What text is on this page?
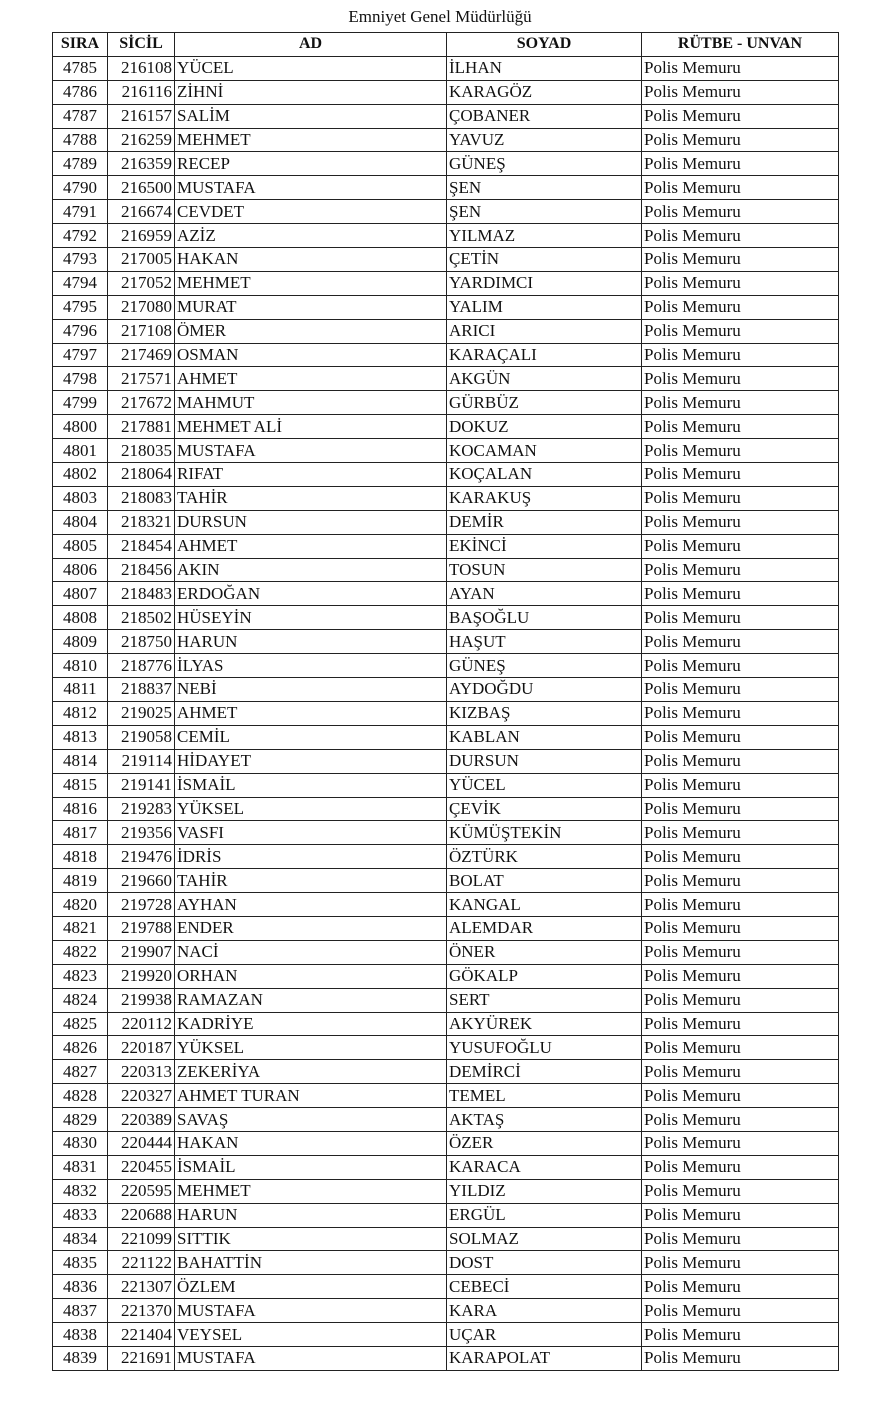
Emniyet Genel Müdürlüğü
SIRA	SİCİL	AD	SOYAD	RÜTBE - UNVAN
4785	216108	YÜCEL	İLHAN	Polis Memuru
4786	216116	ZİHNİ	KARAGÖZ	Polis Memuru
4787	216157	SALİM	ÇOBANER	Polis Memuru
4788	216259	MEHMET	YAVUZ	Polis Memuru
4789	216359	RECEP	GÜNEŞ	Polis Memuru
4790	216500	MUSTAFA	ŞEN	Polis Memuru
4791	216674	CEVDET	ŞEN	Polis Memuru
4792	216959	AZİZ	YILMAZ	Polis Memuru
4793	217005	HAKAN	ÇETİN	Polis Memuru
4794	217052	MEHMET	YARDIMCI	Polis Memuru
4795	217080	MURAT	YALIM	Polis Memuru
4796	217108	ÖMER	ARICI	Polis Memuru
4797	217469	OSMAN	KARAÇALI	Polis Memuru
4798	217571	AHMET	AKGÜN	Polis Memuru
4799	217672	MAHMUT	GÜRBÜZ	Polis Memuru
4800	217881	MEHMET ALİ	DOKUZ	Polis Memuru
4801	218035	MUSTAFA	KOCAMAN	Polis Memuru
4802	218064	RIFAT	KOÇALAN	Polis Memuru
4803	218083	TAHİR	KARAKUŞ	Polis Memuru
4804	218321	DURSUN	DEMİR	Polis Memuru
4805	218454	AHMET	EKİNCİ	Polis Memuru
4806	218456	AKIN	TOSUN	Polis Memuru
4807	218483	ERDOĞAN	AYAN	Polis Memuru
4808	218502	HÜSEYİN	BAŞOĞLU	Polis Memuru
4809	218750	HARUN	HAŞUT	Polis Memuru
4810	218776	İLYAS	GÜNEŞ	Polis Memuru
4811	218837	NEBİ	AYDOĞDU	Polis Memuru
4812	219025	AHMET	KIZBAŞ	Polis Memuru
4813	219058	CEMİL	KABLAN	Polis Memuru
4814	219114	HİDAYET	DURSUN	Polis Memuru
4815	219141	İSMAİL	YÜCEL	Polis Memuru
4816	219283	YÜKSEL	ÇEVİK	Polis Memuru
4817	219356	VASFI	KÜMÜŞTEKİN	Polis Memuru
4818	219476	İDRİS	ÖZTÜRK	Polis Memuru
4819	219660	TAHİR	BOLAT	Polis Memuru
4820	219728	AYHAN	KANGAL	Polis Memuru
4821	219788	ENDER	ALEMDAR	Polis Memuru
4822	219907	NACİ	ÖNER	Polis Memuru
4823	219920	ORHAN	GÖKALP	Polis Memuru
4824	219938	RAMAZAN	SERT	Polis Memuru
4825	220112	KADRİYE	AKYÜREK	Polis Memuru
4826	220187	YÜKSEL	YUSUFOĞLU	Polis Memuru
4827	220313	ZEKERİYA	DEMİRCİ	Polis Memuru
4828	220327	AHMET TURAN	TEMEL	Polis Memuru
4829	220389	SAVAŞ	AKTAŞ	Polis Memuru
4830	220444	HAKAN	ÖZER	Polis Memuru
4831	220455	İSMAİL	KARACA	Polis Memuru
4832	220595	MEHMET	YILDIZ	Polis Memuru
4833	220688	HARUN	ERGÜL	Polis Memuru
4834	221099	SITTIK	SOLMAZ	Polis Memuru
4835	221122	BAHATTİN	DOST	Polis Memuru
4836	221307	ÖZLEM	CEBECİ	Polis Memuru
4837	221370	MUSTAFA	KARA	Polis Memuru
4838	221404	VEYSEL	UÇAR	Polis Memuru
4839	221691	MUSTAFA	KARAPOLAT	Polis Memuru
